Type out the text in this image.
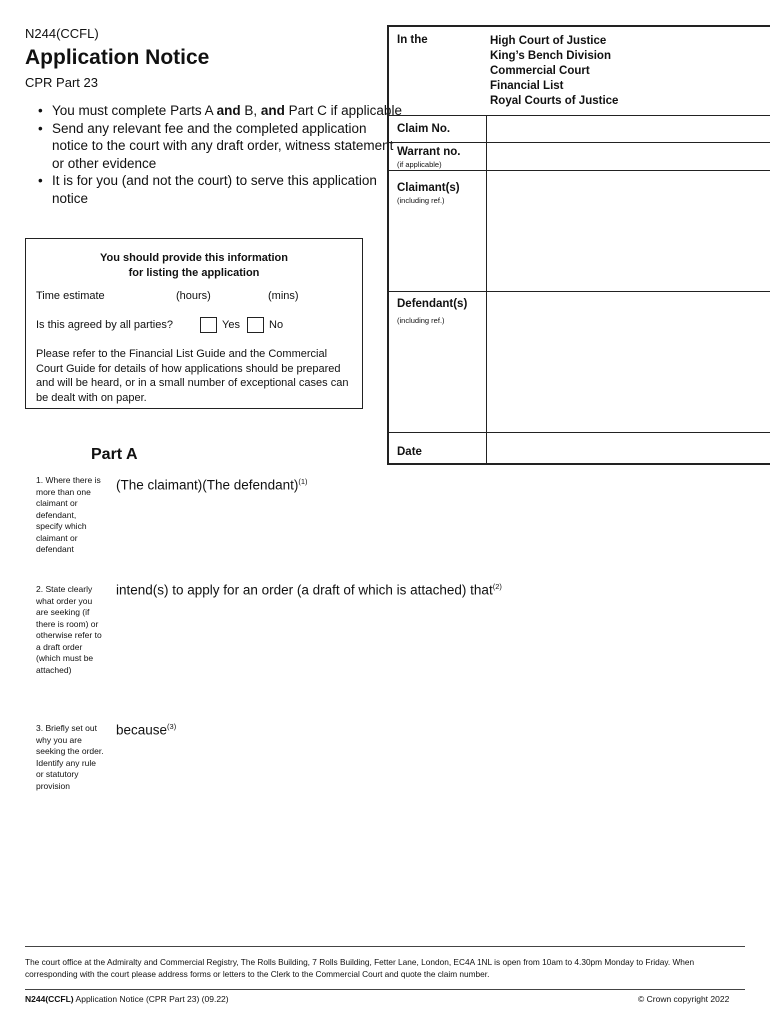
N244(CCFL)
Application Notice
CPR Part 23
• You must complete Parts A and B, and Part C if applicable
• Send any relevant fee and the completed application notice to the court with any draft order, witness statement or other evidence
• It is for you (and not the court) to serve this application notice
You should provide this information
for listing the application
Time estimate	(hours)	(mins)
Is this agreed by all parties?	Yes	No
Please refer to the Financial List Guide and the Commercial Court Guide for details of how applications should be prepared and will be heard, or in a small number of exceptional cases can be dealt with on paper.
In the	High Court of Justice
King’s Bench Division
Commercial Court
Financial List
Royal Courts of Justice
Claim No.
Warrant no.
(if applicable)
Claimant(s)
(including ref.)
Defendant(s)
(including ref.)
Date
Part A
1. Where there is more than one claimant or defendant, specify which claimant or defendant
(The claimant)(The defendant)$^{(1)}$
2. State clearly what order you are seeking (if there is room) or otherwise refer to a draft order (which must be attached)
intend(s) to apply for an order (a draft of which is attached) that$^{(2)}$
3. Briefly set out why you are seeking the order. Identify any rule or statutory provision
because$^{(3)}$
The court office at the Admiralty and Commercial Registry, The Rolls Building, 7 Rolls Building, Fetter Lane, London, EC4A 1NL is open from 10am to 4.30pm Monday to Friday. When corresponding with the court please address forms or letters to the Clerk to the Commercial Court and quote the claim number.
N244(CCFL) Application Notice (CPR Part 23) (09.22)	© Crown copyright 2022
